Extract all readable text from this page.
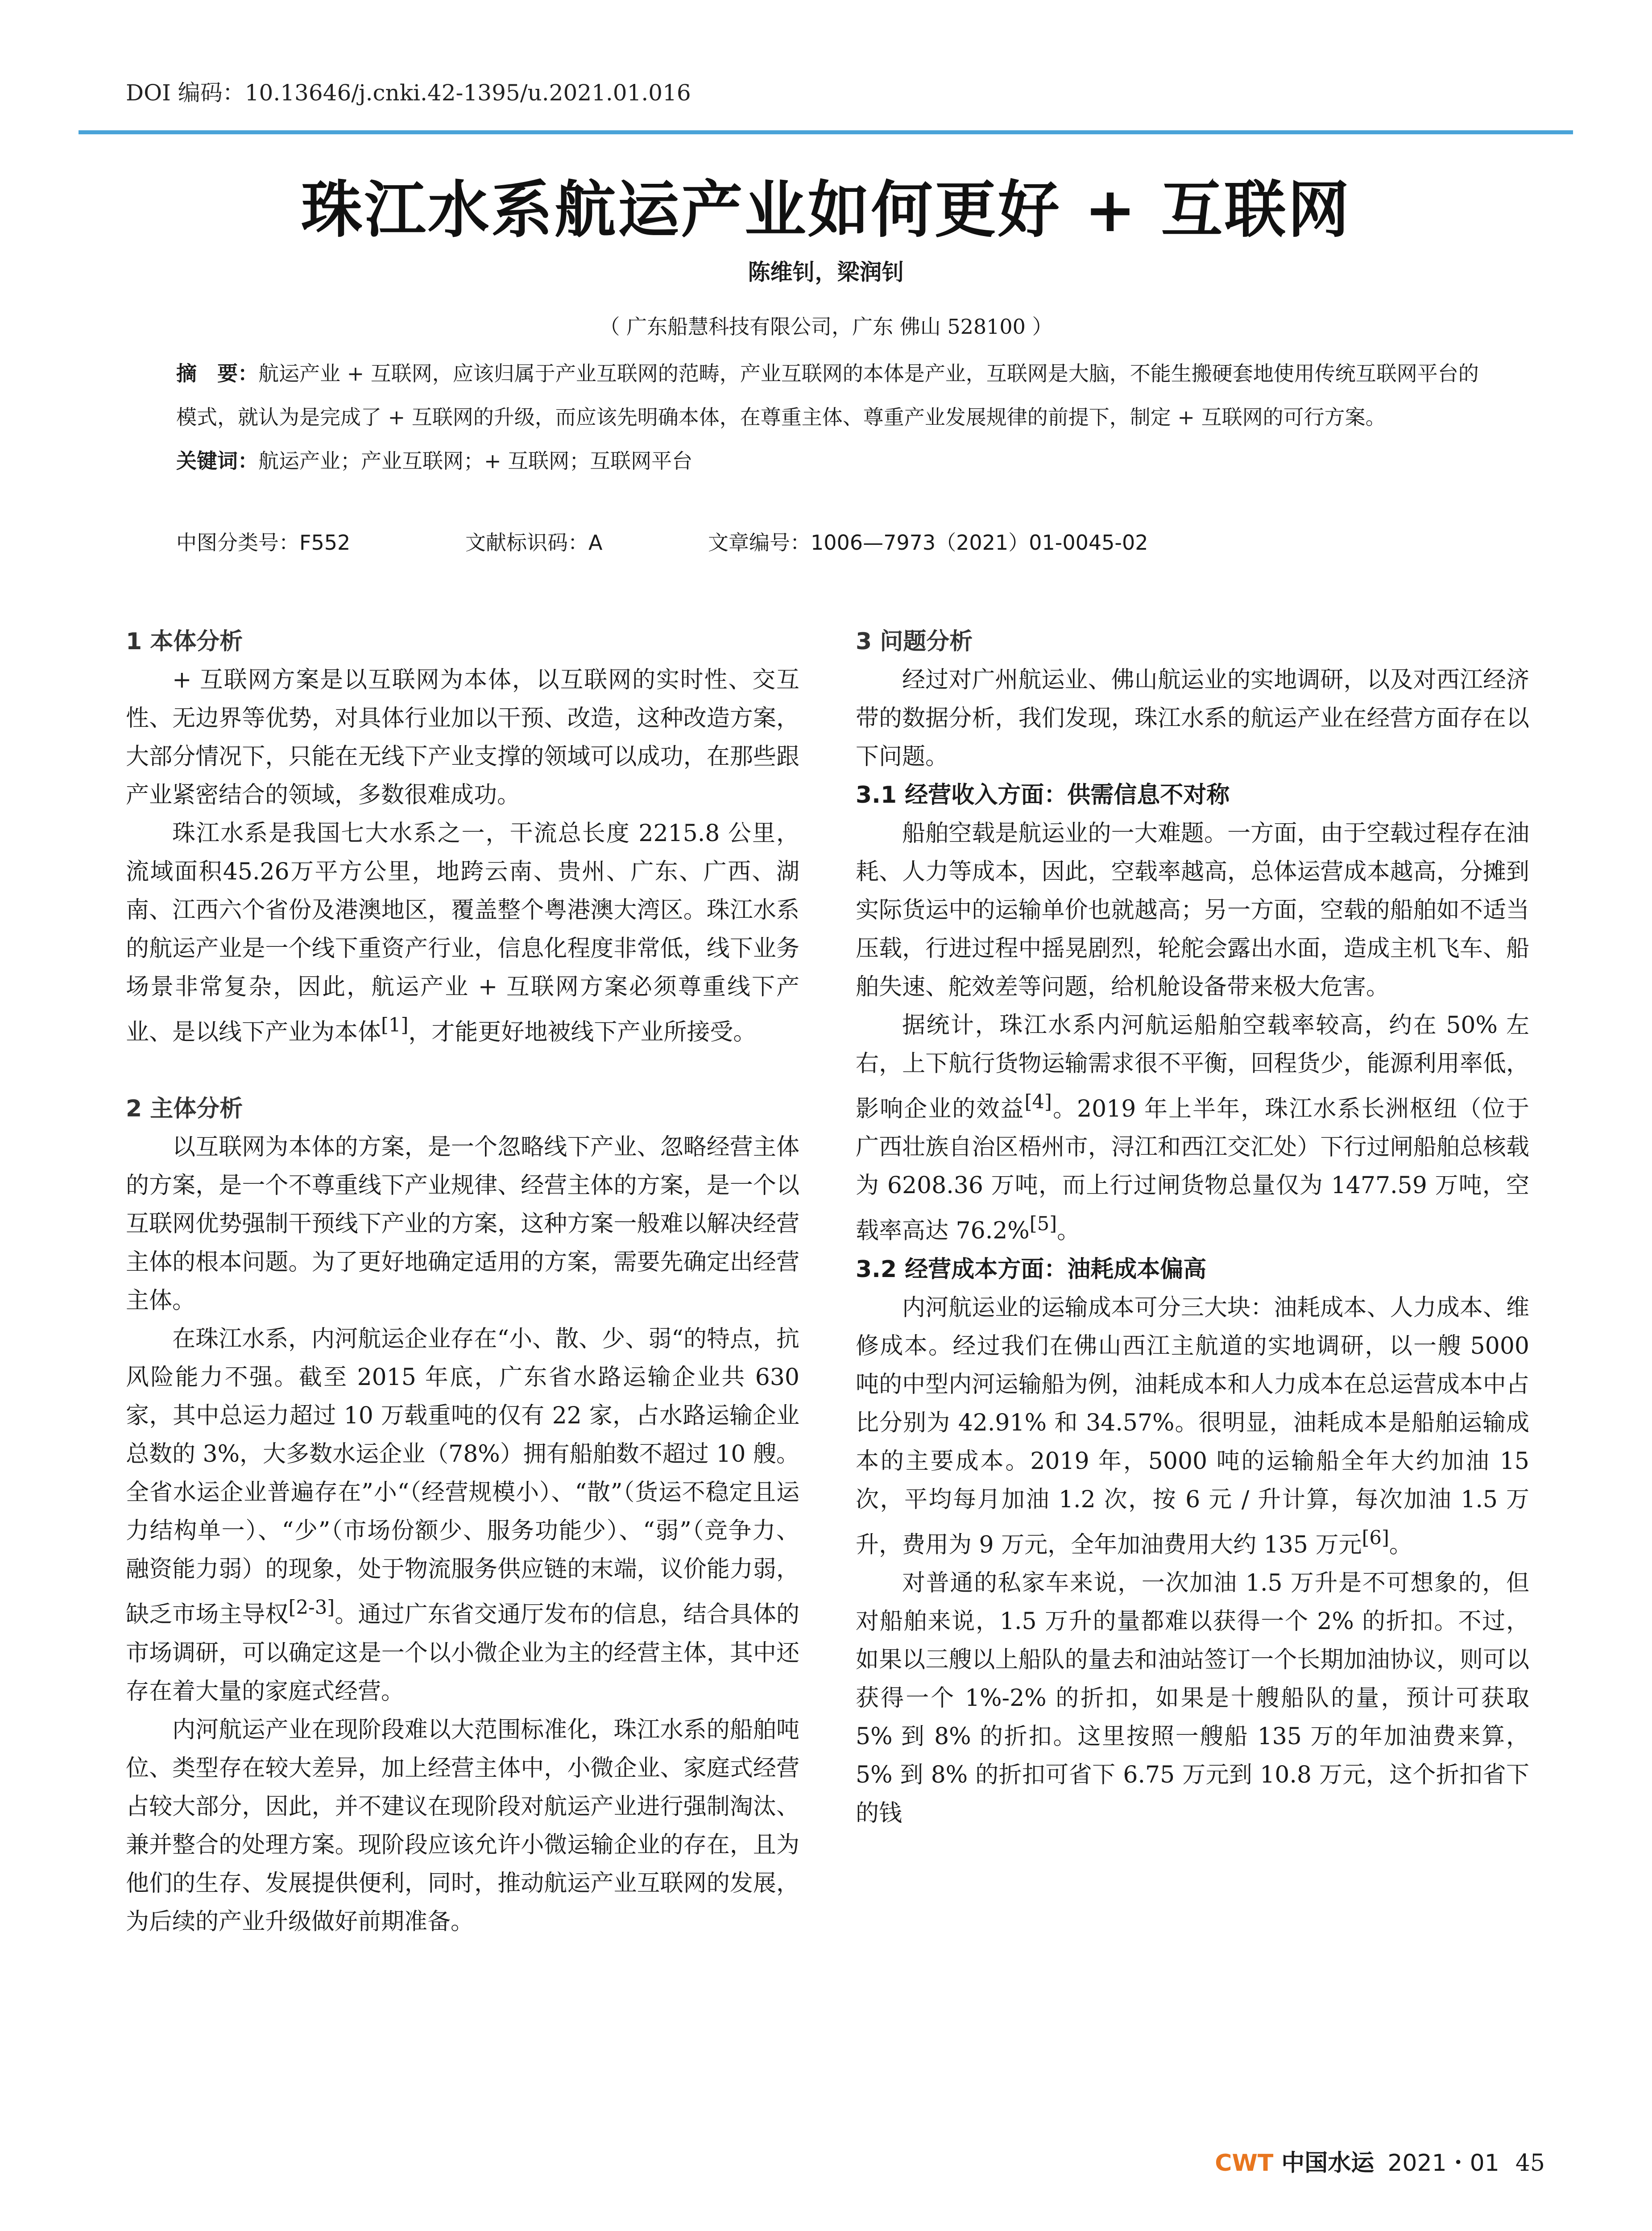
DOI 编码：10.13646/j.cnki.42-1395/u.2021.01.016
珠江水系航运产业如何更好 + 互联网
陈维钊，梁润钊
（ 广东船慧科技有限公司，广东 佛山 528100 ）
摘　要：航运产业 + 互联网，应该归属于产业互联网的范畴，产业互联网的本体是产业，互联网是大脑，不能生搬硬套地使用传统互联网平台的模式，就认为是完成了 + 互联网的升级，而应该先明确本体，在尊重主体、尊重产业发展规律的前提下，制定 + 互联网的可行方案。
关键词：航运产业；产业互联网；+ 互联网；互联网平台
中图分类号：F552	文献标识码：A	文章编号：1006—7973（2021）01-0045-02
1 本体分析

+ 互联网方案是以互联网为本体，以互联网的实时性、交互性、无边界等优势，对具体行业加以干预、改造，这种改造方案，大部分情况下，只能在无线下产业支撑的领域可以成功，在那些跟产业紧密结合的领域，多数很难成功。

珠江水系是我国七大水系之一，干流总长度 2215.8 公里，流域面积45.26万平方公里，地跨云南、贵州、广东、广西、湖南、江西六个省份及港澳地区，覆盖整个粤港澳大湾区。珠江水系的航运产业是一个线下重资产行业，信息化程度非常低，线下业务场景非常复杂，因此，航运产业 + 互联网方案必须尊重线下产业、是以线下产业为本体[1]，才能更好地被线下产业所接受。

2 主体分析

以互联网为本体的方案，是一个忽略线下产业、忽略经营主体的方案，是一个不尊重线下产业规律、经营主体的方案，是一个以互联网优势强制干预线下产业的方案，这种方案一般难以解决经营主体的根本问题。为了更好地确定适用的方案，需要先确定出经营主体。

在珠江水系，内河航运企业存在“小、散、少、弱“的特点，抗风险能力不强。截至 2015 年底，广东省水路运输企业共 630 家，其中总运力超过 10 万载重吨的仅有 22 家，占水路运输企业总数的 3%，大多数水运企业（78%）拥有船舶数不超过 10 艘。全省水运企业普遍存在”小“（经营规模小）、“散”（货运不稳定且运力结构单一）、“少”（市场份额少、服务功能少）、“弱”（竞争力、融资能力弱）的现象，处于物流服务供应链的末端，议价能力弱，缺乏市场主导权[2-3]。通过广东省交通厅发布的信息，结合具体的市场调研，可以确定这是一个以小微企业为主的经营主体，其中还存在着大量的家庭式经营。

内河航运产业在现阶段难以大范围标准化，珠江水系的船舶吨位、类型存在较大差异，加上经营主体中，小微企业、家庭式经营占较大部分，因此，并不建议在现阶段对航运产业进行强制淘汰、兼并整合的处理方案。现阶段应该允许小微运输企业的存在，且为他们的生存、发展提供便利，同时，推动航运产业互联网的发展，为后续的产业升级做好前期准备。

3 问题分析

经过对广州航运业、佛山航运业的实地调研，以及对西江经济带的数据分析，我们发现，珠江水系的航运产业在经营方面存在以下问题。

3.1 经营收入方面：供需信息不对称

船舶空载是航运业的一大难题。一方面，由于空载过程存在油耗、人力等成本，因此，空载率越高，总体运营成本越高，分摊到实际货运中的运输单价也就越高；另一方面，空载的船舶如不适当压载，行进过程中摇晃剧烈，轮舵会露出水面，造成主机飞车、船舶失速、舵效差等问题，给机舱设备带来极大危害。

据统计，珠江水系内河航运船舶空载率较高，约在 50% 左右，上下航行货物运输需求很不平衡，回程货少，能源利用率低，影响企业的效益[4]。2019 年上半年，珠江水系长洲枢纽（位于广西壮族自治区梧州市，浔江和西江交汇处）下行过闸船舶总核载为 6208.36 万吨，而上行过闸货物总量仅为 1477.59 万吨，空载率高达 76.2%[5]。

3.2 经营成本方面：油耗成本偏高

内河航运业的运输成本可分三大块：油耗成本、人力成本、维修成本。经过我们在佛山西江主航道的实地调研，以一艘 5000 吨的中型内河运输船为例，油耗成本和人力成本在总运营成本中占比分别为 42.91% 和 34.57%。很明显，油耗成本是船舶运输成本的主要成本。2019 年，5000 吨的运输船全年大约加油 15 次，平均每月加油 1.2 次，按 6 元 / 升计算，每次加油 1.5 万升，费用为 9 万元，全年加油费用大约 135 万元[6]。

对普通的私家车来说，一次加油 1.5 万升是不可想象的，但对船舶来说，1.5 万升的量都难以获得一个 2% 的折扣。不过，如果以三艘以上船队的量去和油站签订一个长期加油协议，则可以获得一个 1%-2% 的折扣，如果是十艘船队的量，预计可获取 5% 到 8% 的折扣。这里按照一艘船 135 万的年加油费来算，5% 到 8% 的折扣可省下 6.75 万元到 10.8 万元，这个折扣省下的钱

CWT 中国水运 2021・01 45
